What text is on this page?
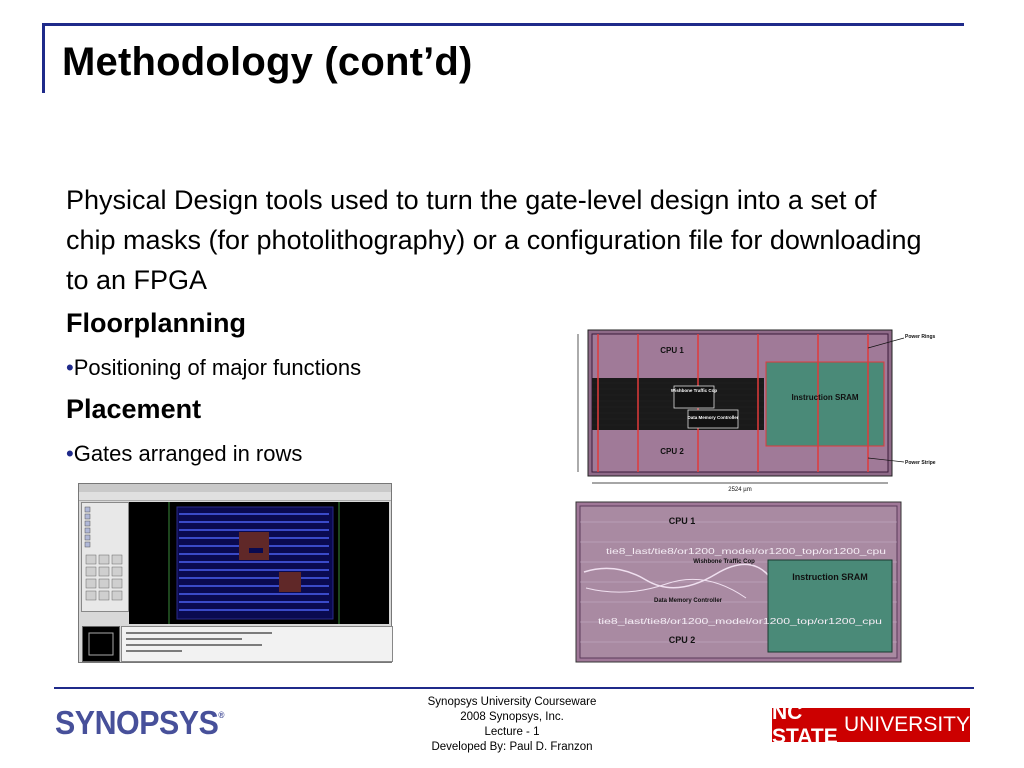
Methodology (cont’d)
Physical Design tools used to turn the gate-level design into a set of chip masks (for photolithography) or a configuration file for downloading to an FPGA
Floorplanning
•Positioning of major functions
Placement
•Gates arranged in rows
CPU 1
CPU 2
Instruction SRAM
Wishbone Traffic Cop
Data Memory Controller
Power Rings
Power Stripe
2524 µm
CPU 1
CPU 2
Instruction SRAM
Wishbone Traffic Cop
Data Memory Controller
tie8_last/tie8/or1200_model/or1200_top/or1200_cpu
tie8_last/tie8/or1200_model/or1200_top/or1200_cpu
SYNOPSYS®
Synopsys University Courseware
2008 Synopsys, Inc.
Lecture - 1
Developed By: Paul D. Franzon
NC STATE
UNIVERSITY
